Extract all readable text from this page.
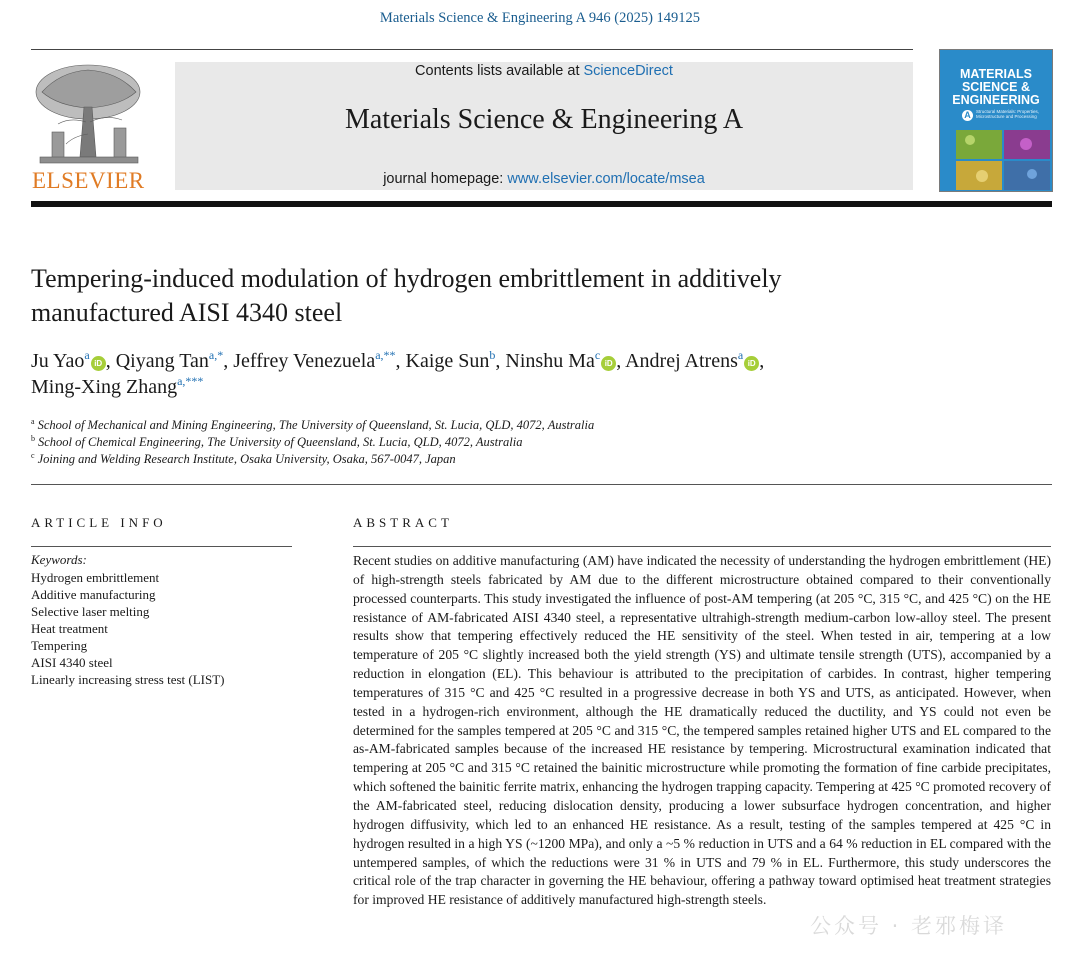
Materials Science & Engineering A 946 (2025) 149125
ELSEVIER
Contents lists available at ScienceDirect
Materials Science & Engineering A
journal homepage: www.elsevier.com/locate/msea
MATERIALS
SCIENCE &
ENGINEERING
A	Structural Materials: Properties, Microstructure and Processing
Tempering-induced modulation of hydrogen embrittlement in additively
manufactured AISI 4340 steel
Ju Yao$^a$iD , Qiyang Tan$^{a,*}$, Jeffrey Venezuela$^{a,**}$, Kaige Sun$^b$, Ninshu Ma$^c$iD , Andrej Atrens$^a$iD ,
Ming-Xing Zhang$^{a,***}$
$^a$ School of Mechanical and Mining Engineering, The University of Queensland, St. Lucia, QLD, 4072, Australia
$^b$ School of Chemical Engineering, The University of Queensland, St. Lucia, QLD, 4072, Australia
$^c$ Joining and Welding Research Institute, Osaka University, Osaka, 567-0047, Japan
ARTICLE INFO
Keywords:
Hydrogen embrittlement
Additive manufacturing
Selective laser melting
Heat treatment
Tempering
AISI 4340 steel
Linearly increasing stress test (LIST)
ABSTRACT
Recent studies on additive manufacturing (AM) have indicated the necessity of understanding the hydrogen embrittlement (HE) of high-strength steels fabricated by AM due to the different microstructure obtained compared to their conventionally processed counterparts. This study investigated the influence of post-AM tempering (at 205 °C, 315 °C, and 425 °C) on the HE resistance of AM-fabricated AISI 4340 steel, a representative ultrahigh-strength medium-carbon low-alloy steel. The present results show that tempering effectively reduced the HE sensitivity of the steel. When tested in air, tempering at a low temperature of 205 °C slightly increased both the yield strength (YS) and ultimate tensile strength (UTS), accompanied by a reduction in elongation (EL). This behaviour is attributed to the precipitation of carbides. In contrast, higher tempering temperatures of 315 °C and 425 °C resulted in a progressive decrease in both YS and UTS, as anticipated. However, when tested in a hydrogen-rich environment, although the HE dramatically reduced the ductility, and YS could not even be determined for the samples tempered at 205 °C and 315 °C, the tempered samples retained higher UTS and EL compared to the as-AM-fabricated samples because of the increased HE resistance by tempering. Microstructural examination indicated that tempering at 205 °C and 315 °C retained the bainitic microstructure while promoting the formation of fine carbide precipitates, which softened the bainitic ferrite matrix, enhancing the hydrogen trapping capacity. Tempering at 425 °C promoted recovery of the AM-fabricated steel, reducing dislocation density, producing a lower subsurface hydrogen concentration, and higher hydrogen diffusivity, which led to an enhanced HE resistance. As a result, testing of the samples tempered at 425 °C in hydrogen resulted in a high YS (~1200 MPa), and only a ~5 % reduction in UTS and a 64 % reduction in EL compared with the untempered samples, of which the reductions were 31 % in UTS and 79 % in EL. Furthermore, this study underscores the critical role of the trap character in governing the HE behaviour, offering a pathway toward optimised heat treatment strategies for improved HE resistance of additively manufactured high-strength steels.
公众号 · 老邪梅译
